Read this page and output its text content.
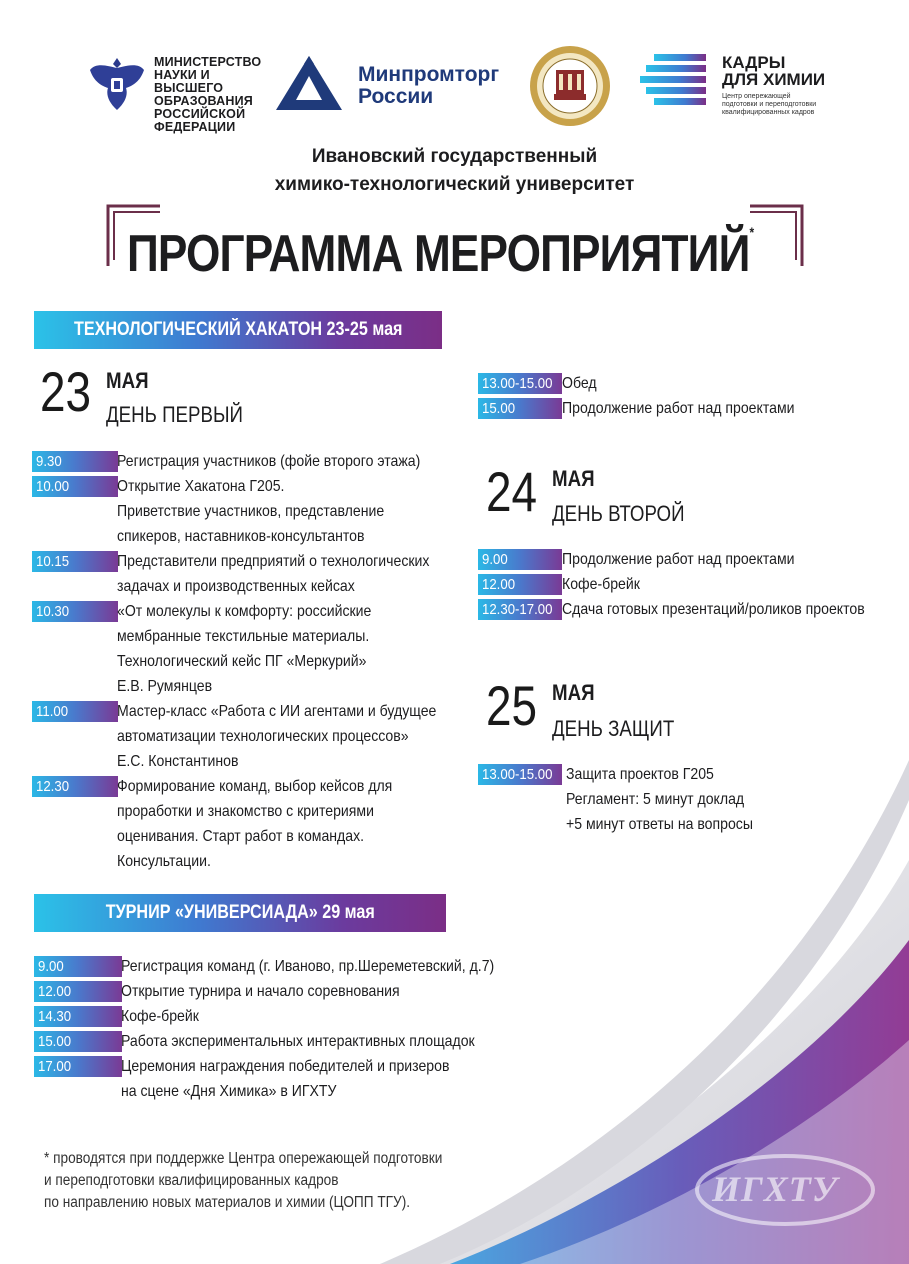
МИНИСТЕРСТВО
НАУКИ И ВЫСШЕГО
ОБРАЗОВАНИЯ
РОССИЙСКОЙ
ФЕДЕРАЦИИ
Минпромторг
России
КАДРЫ
ДЛЯ ХИМИИ
Центр опережающей
подготовки и переподготовки
квалифицированных кадров
Ивановский государственный
химико-технологический университет
ПРОГРАММА МЕРОПРИЯТИЙ*
ТЕХНОЛОГИЧЕСКИЙ ХАКАТОН 23-25 мая
23 МАЯ
ДЕНЬ ПЕРВЫЙ
9.30	Регистрация участников (фойе второго этажа)
10.00	Открытие Хакатона Г205.
Приветствие участников, представление
спикеров, наставников-консультантов
10.15	Представители предприятий о технологических
задачах и производственных кейсах
10.30	«От молекулы к комфорту: российские
мембранные текстильные материалы.
Технологический кейс ПГ «Меркурий»
Е.В. Румянцев
11.00	Мастер-класс «Работа с ИИ агентами и будущее
автоматизации технологических процессов»
Е.С. Константинов
12.30	Формирование команд, выбор кейсов для
проработки и знакомство с критериями
оценивания. Старт работ в командах.
Консультации.
13.00-15.00 Обед
15.00	Продолжение работ над проектами
24 МАЯ
ДЕНЬ ВТОРОЙ
9.00	Продолжение работ над проектами
12.00	Кофе-брейк
12.30-17.00 Сдача готовых презентаций/роликов проектов
25 МАЯ
ДЕНЬ ЗАЩИТ
13.00-15.00 Защита проектов Г205
Регламент: 5 минут доклад
+5 минут ответы на вопросы
ТУРНИР «УНИВЕРСИАДА» 29 мая
9.00	Регистрация команд (г. Иваново, пр.Шереметевский, д.7)
12.00	Открытие турнира и начало соревнования
14.30	Кофе-брейк
15.00	Работа экспериментальных интерактивных площадок
17.00	Церемония награждения победителей и призеров
на сцене «Дня Химика» в ИГХТУ
* проводятся при поддержке Центра опережающей подготовки
и переподготовки квалифицированных кадров
по направлению новых материалов и химии (ЦОПП ТГУ).	ИГХТУ
